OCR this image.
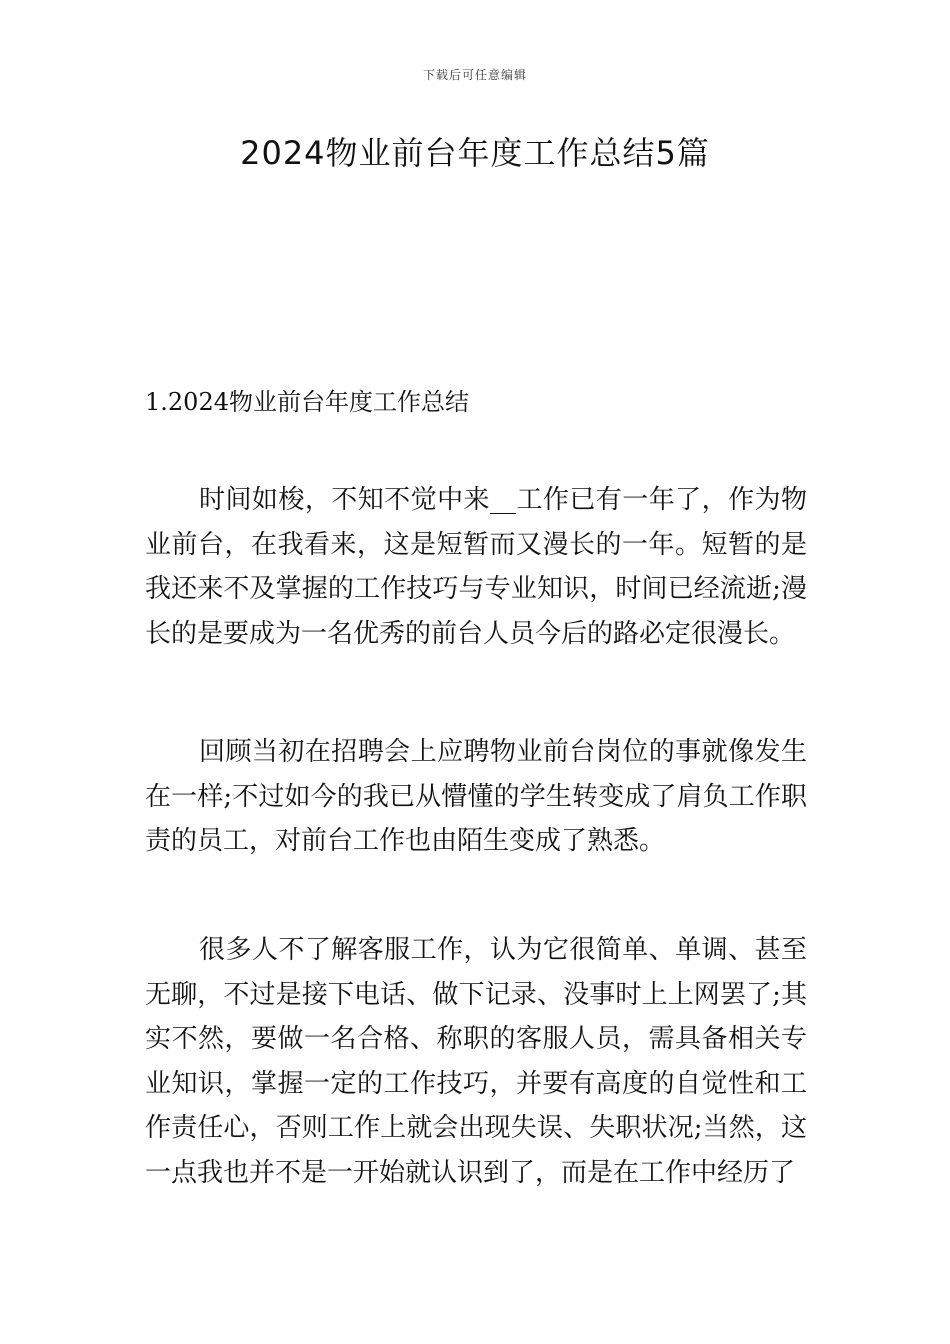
下载后可任意编辑
2024物业前台年度工作总结5篇
1.2024物业前台年度工作总结

时间如梭，不知不觉中来__工作已有一年了，作为物业前台，在我看来，这是短暂而又漫长的一年。短暂的是我还来不及掌握的工作技巧与专业知识，时间已经流逝;漫长的是要成为一名优秀的前台人员今后的路必定很漫长。

回顾当初在招聘会上应聘物业前台岗位的事就像发生在一样;不过如今的我已从懵懂的学生转变成了肩负工作职责的员工，对前台工作也由陌生变成了熟悉。

很多人不了解客服工作，认为它很简单、单调、甚至无聊，不过是接下电话、做下记录、没事时上上网罢了;其实不然，要做一名合格、称职的客服人员，需具备相关专业知识，掌握一定的工作技巧，并要有高度的自觉性和工作责任心，否则工作上就会出现失误、失职状况;当然，这一点我也并不是一开始就认识到了，而是在工作中经历了
